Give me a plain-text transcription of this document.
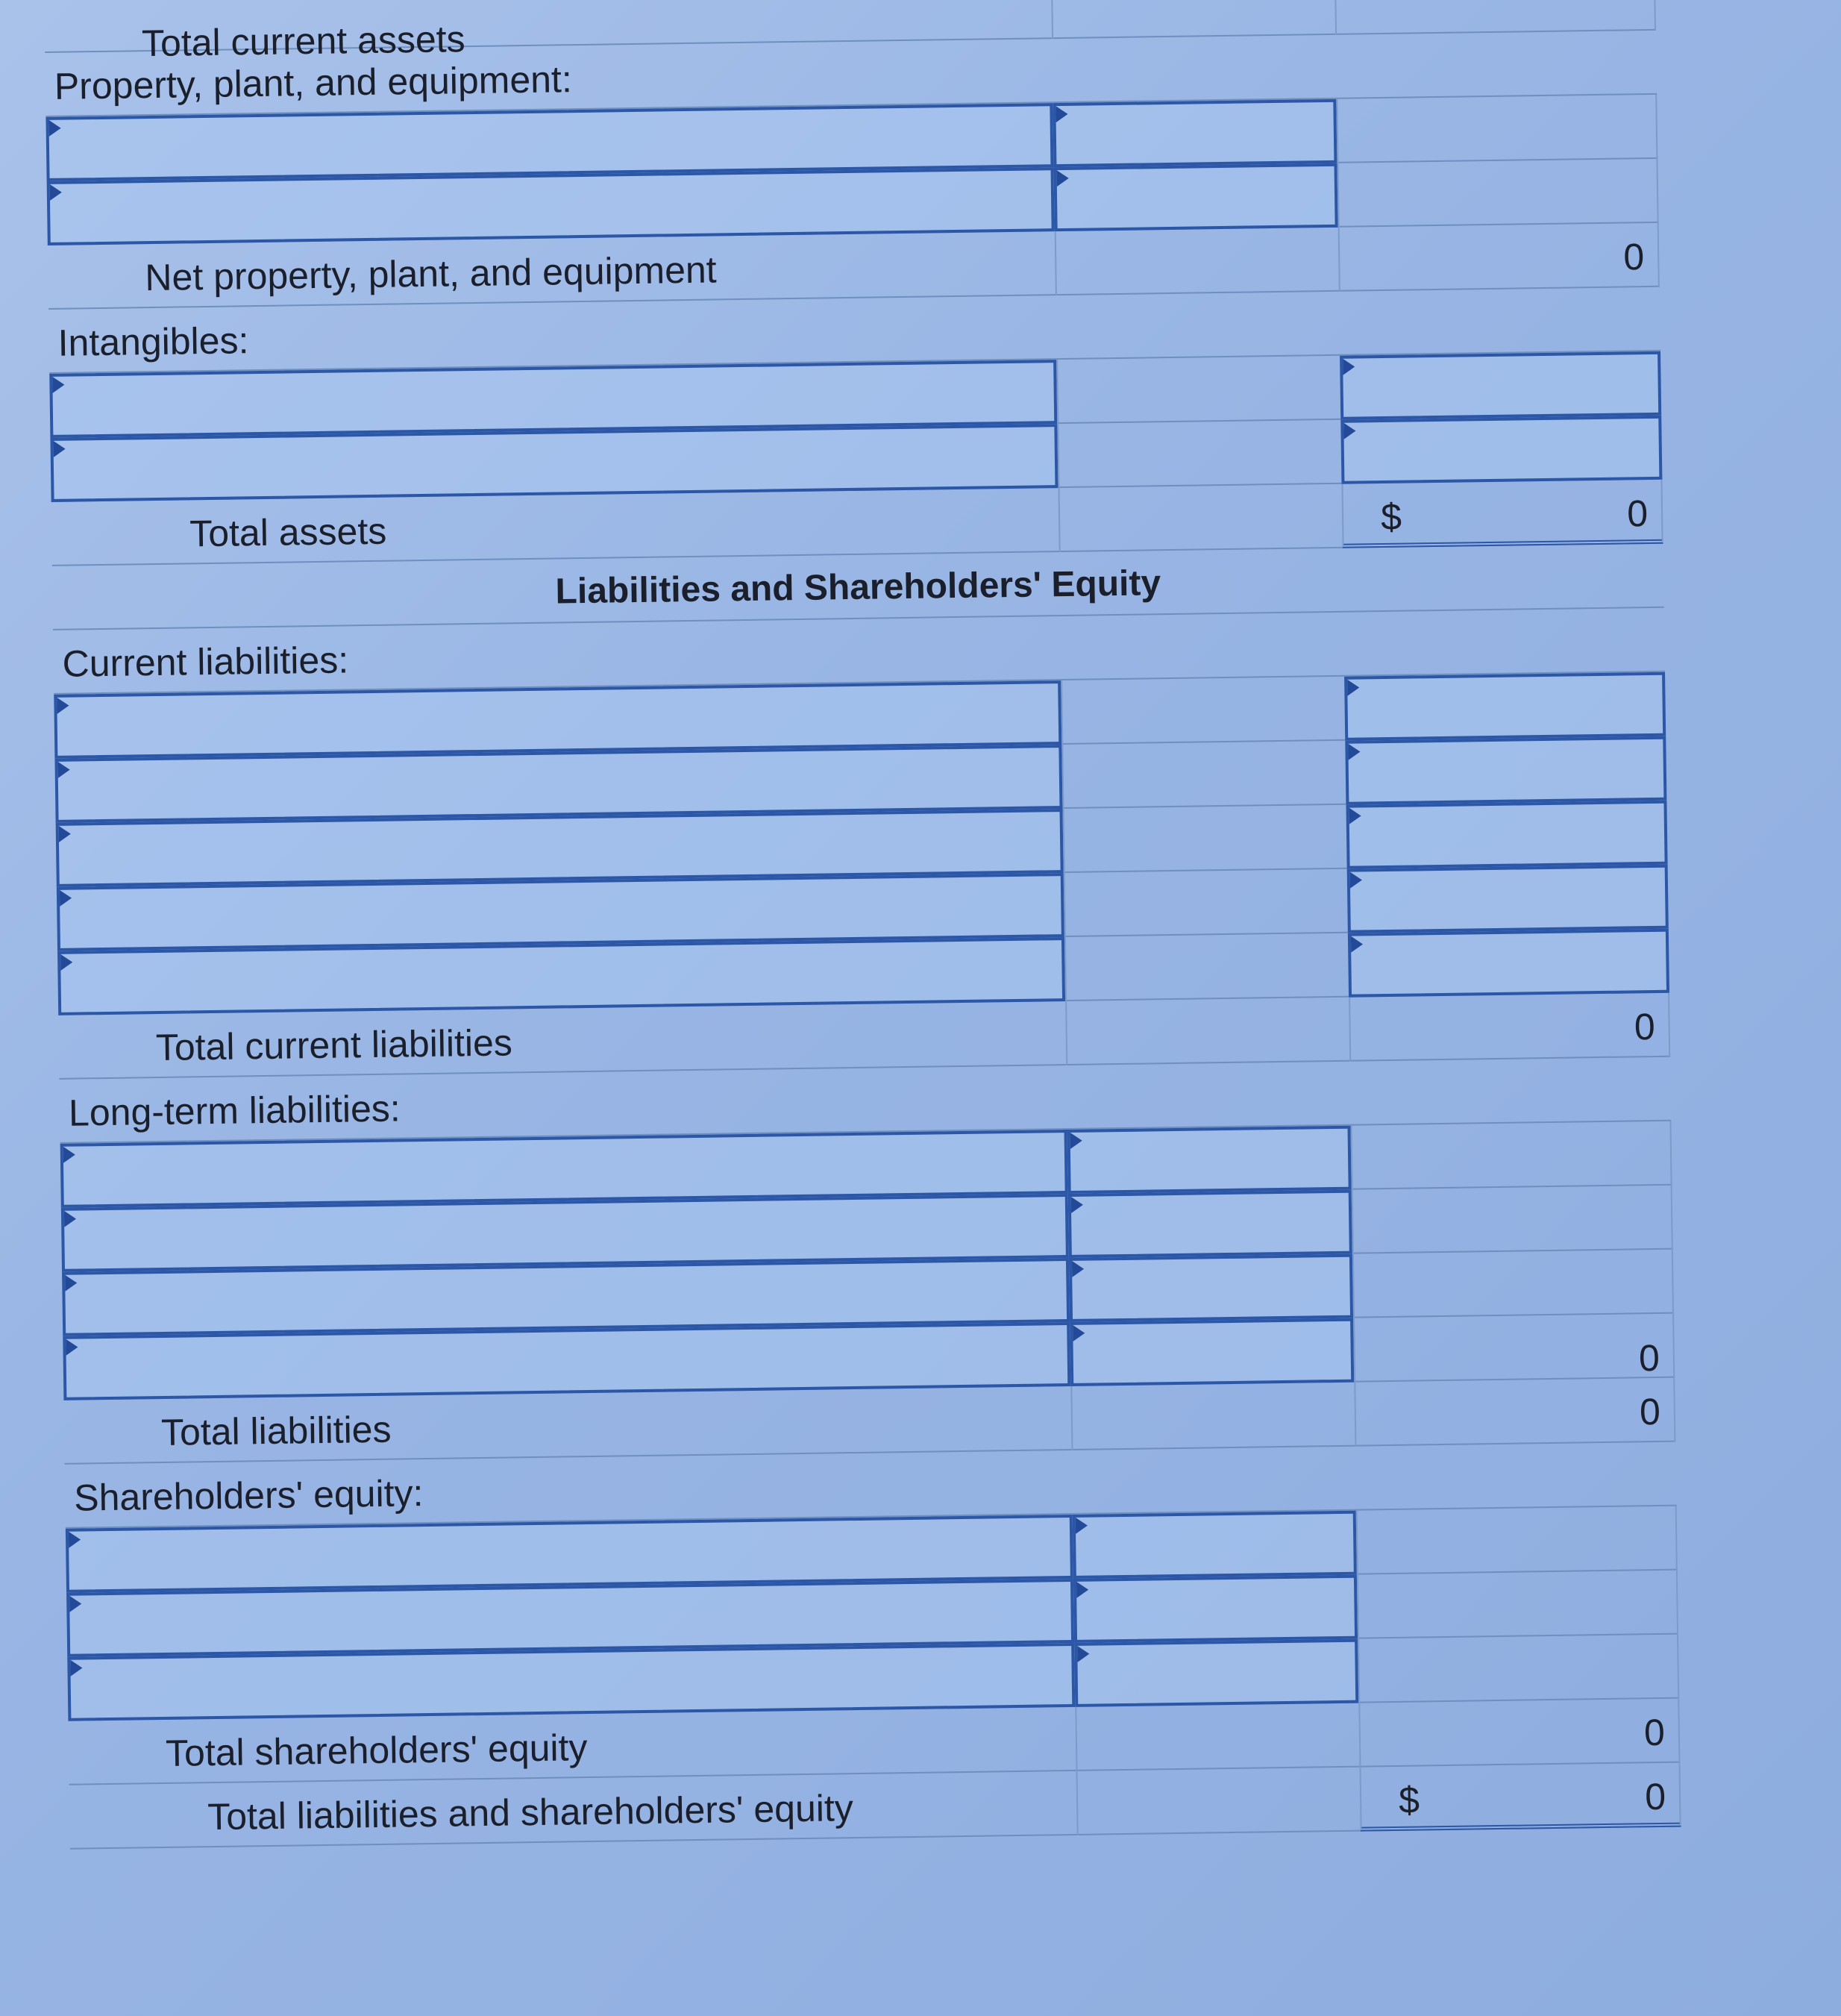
Total current assets
Property, plant, and equipment:
Net property, plant, and equipment	0
Intangibles:
Total assets	$	0
Liabilities and Shareholders' Equity
Current liabilities:
Total current liabilities	0
Long-term liabilities:
0
Total liabilities	0
Shareholders' equity:
Total shareholders' equity	0
Total liabilities and shareholders' equity	$	0
